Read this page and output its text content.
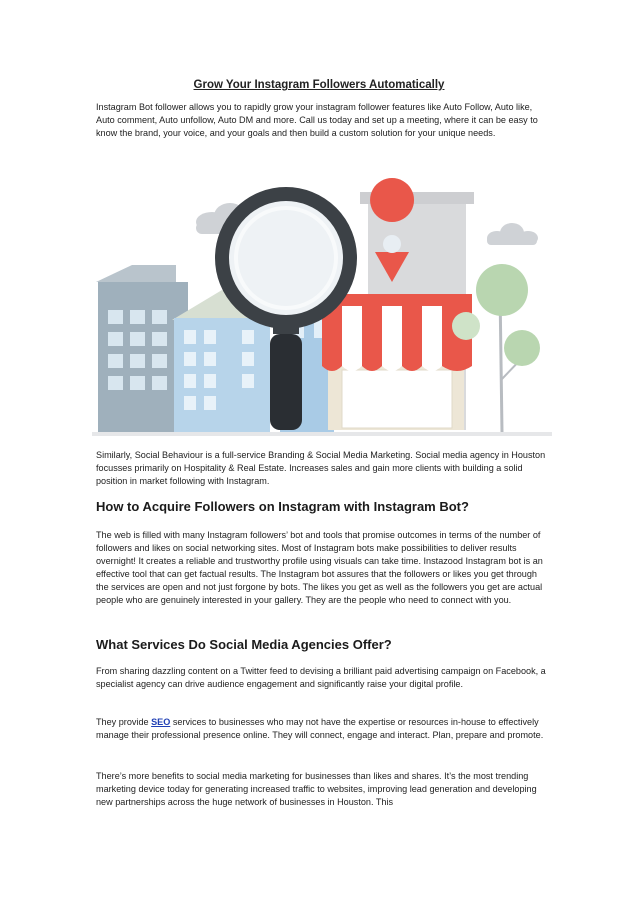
Grow Your Instagram Followers Automatically

Instagram Bot follower allows you to rapidly grow your instagram follower features like Auto Follow, Auto like, Auto comment, Auto unfollow, Auto DM and more. Call us today and set up a meeting, where it can be easy to know the brand, your voice, and your goals and then build a custom solution for your unique needs.

Similarly, Social Behaviour is a full-service Branding & Social Media Marketing. Social media agency in Houston focusses primarily on Hospitality & Real Estate. Increases sales and gain more clients with building a solid position in market following with Instagram.

How to Acquire Followers on Instagram with Instagram Bot?

The web is filled with many Instagram followers’ bot and tools that promise outcomes in terms of the number of followers and likes on social networking sites. Most of Instagram bots make possibilities to deliver results overnight! It creates a reliable and trustworthy profile using visuals can take time. Instazood Instagram bot is an effective tool that can get factual results. The Instagram bot assures that the followers or likes you get through the services are open and not just forgone by bots. The likes you get as well as the followers you get are actual people who are genuinely interested in your gallery. They are the people who need to connect with you.

What Services Do Social Media Agencies Offer?

From sharing dazzling content on a Twitter feed to devising a brilliant paid advertising campaign on Facebook, a specialist agency can drive audience engagement and significantly raise your digital profile.

They provide SEO services to businesses who may not have the expertise or resources in-house to effectively manage their professional presence online. They will connect, engage and interact. Plan, prepare and promote.

There’s more benefits to social media marketing for businesses than likes and shares. It’s the most trending marketing device today for generating increased traffic to websites, improving lead generation and developing new partnerships across the huge network of businesses in Houston. This
